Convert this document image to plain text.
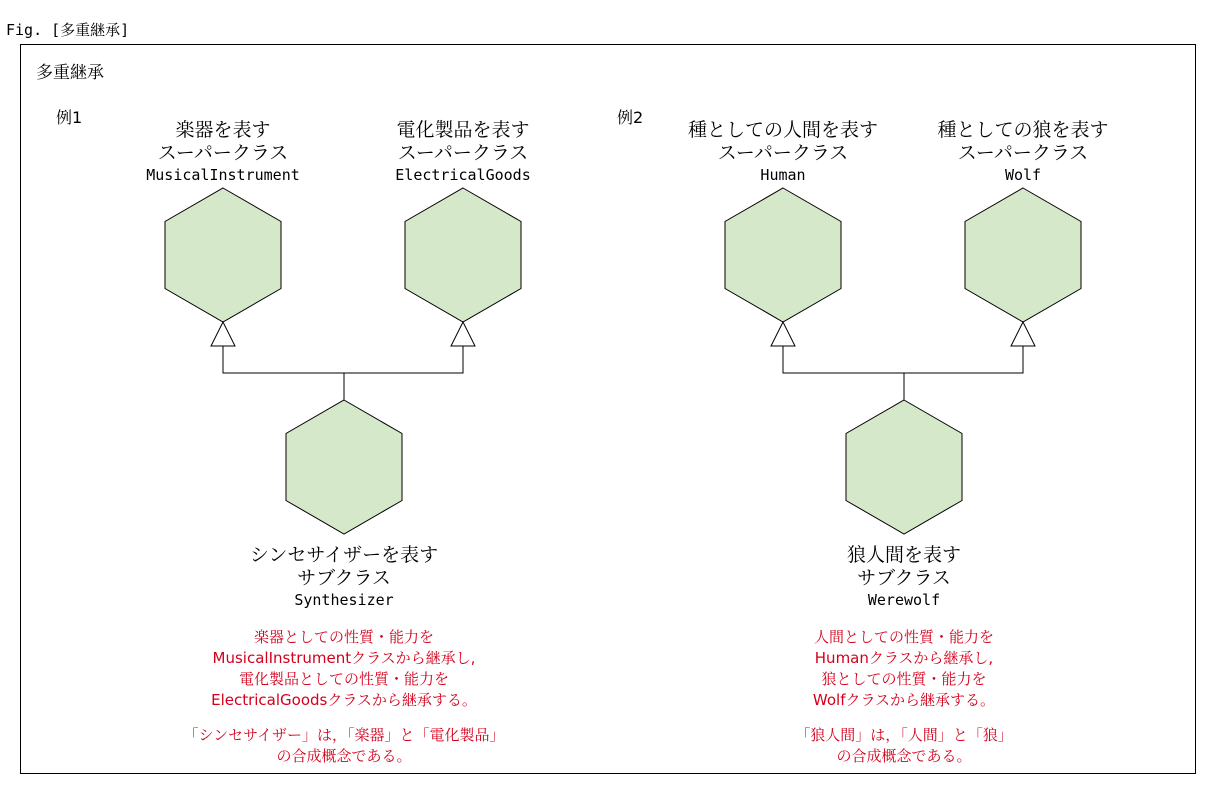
Fig. [多重継承]
多重継承
例1
楽器を表す
スーパークラス
MusicalInstrument
電化製品を表す
スーパークラス
ElectricalGoods
シンセサイザーを表す
サブクラス
Synthesizer
楽器としての性質・能力を
MusicalInstrumentクラスから継承し,
電化製品としての性質・能力を
ElectricalGoodsクラスから継承する。
「シンセサイザー」は，「楽器」と「電化製品」
の合成概念である。
例2
種としての人間を表す
スーパークラス
Human
種としての狼を表す
スーパークラス
Wolf
狼人間を表す
サブクラス
Werewolf
人間としての性質・能力を
Humanクラスから継承し,
狼としての性質・能力を
Wolfクラスから継承する。
「狼人間」は，「人間」と「狼」
の合成概念である。
